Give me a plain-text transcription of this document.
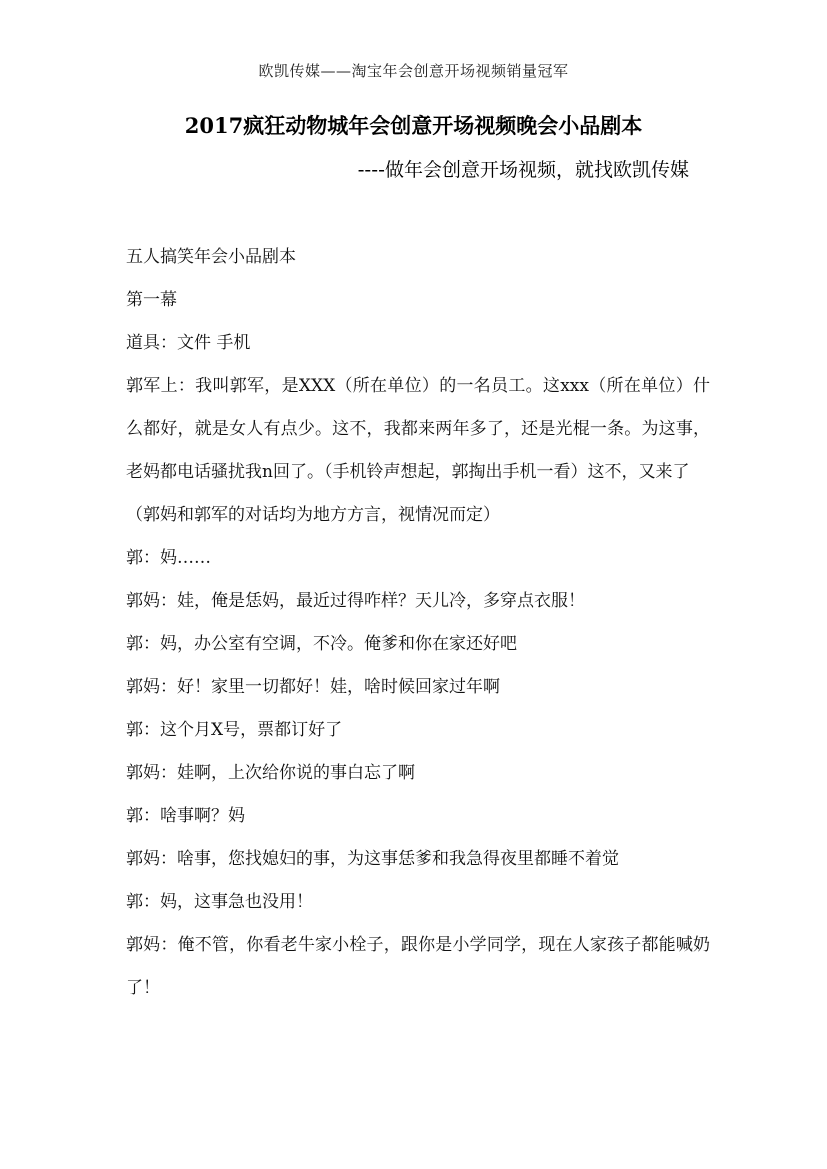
欧凯传媒——淘宝年会创意开场视频销量冠军
2017疯狂动物城年会创意开场视频晚会小品剧本
----做年会创意开场视频，就找欧凯传媒

五人搞笑年会小品剧本

第一幕

道具：文件 手机

郭军上：我叫郭军，是XXX（所在单位）的一名员工。这xxx（所在单位）什么都好，就是女人有点少。这不，我都来两年多了，还是光棍一条。为这事，老妈都电话骚扰我n回了。（手机铃声想起，郭掏出手机一看）这不，又来了

（郭妈和郭军的对话均为地方方言，视情况而定）

郭：妈……

郭妈：娃，俺是恁妈，最近过得咋样？天儿冷，多穿点衣服！

郭：妈，办公室有空调，不冷。俺爹和你在家还好吧

郭妈：好！家里一切都好！娃，啥时候回家过年啊

郭：这个月X号，票都订好了

郭妈：娃啊，上次给你说的事白忘了啊

郭：啥事啊？妈

郭妈：啥事，您找媳妇的事，为这事恁爹和我急得夜里都睡不着觉

郭：妈，这事急也没用！

郭妈：俺不管，你看老牛家小栓子，跟你是小学同学，现在人家孩子都能喊奶了！
